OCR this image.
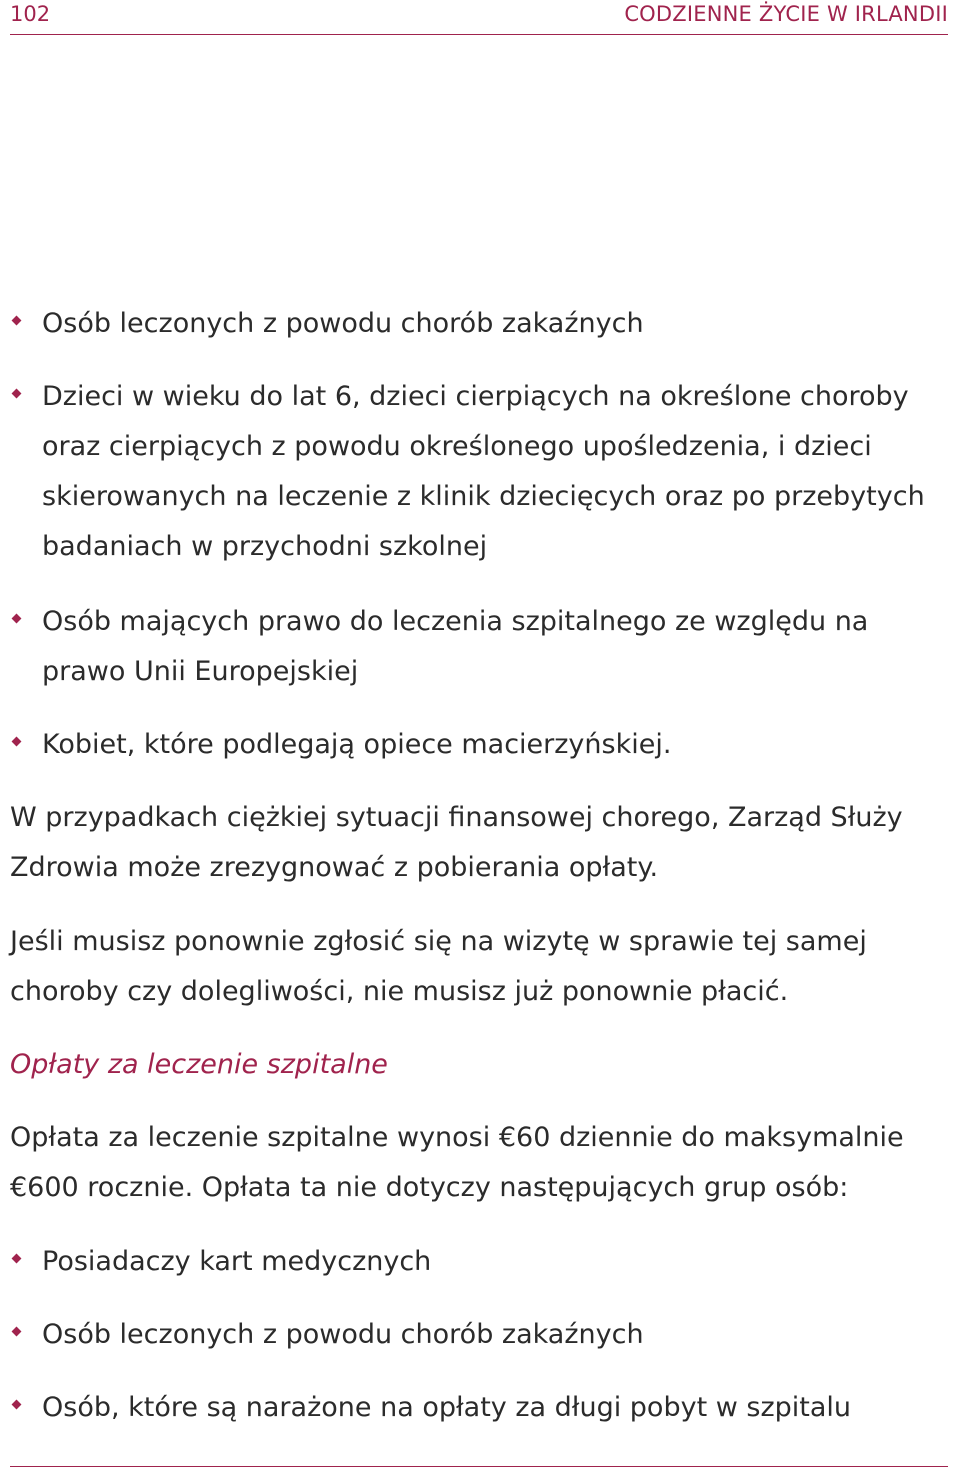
102	CODZIENNE ŻYCIE W IRLANDII
Osób leczonych z powodu chorób zakaźnych
Dzieci w wieku do lat 6, dzieci cierpiących na określone choroby oraz cierpiących z powodu określonego upośledzenia, i dzieci skierowanych na leczenie z klinik dziecięcych oraz po przebytych badaniach w przychodni szkolnej
Osób mających prawo do leczenia szpitalnego ze względu na prawo Unii Europejskiej
Kobiet, które podlegają opiece macierzyńskiej.

W przypadkach ciężkiej sytuacji finansowej chorego, Zarząd Służy Zdrowia może zrezygnować z pobierania opłaty.

Jeśli musisz ponownie zgłosić się na wizytę w sprawie tej samej choroby czy dolegliwości, nie musisz już ponownie płacić.

Opłaty za leczenie szpitalne

Opłata za leczenie szpitalne wynosi €60 dziennie do maksymalnie €600 rocznie. Opłata ta nie dotyczy następujących grup osób:

Posiadaczy kart medycznych
Osób leczonych z powodu chorób zakaźnych
Osób, które są narażone na opłaty za długi pobyt w szpitalu
